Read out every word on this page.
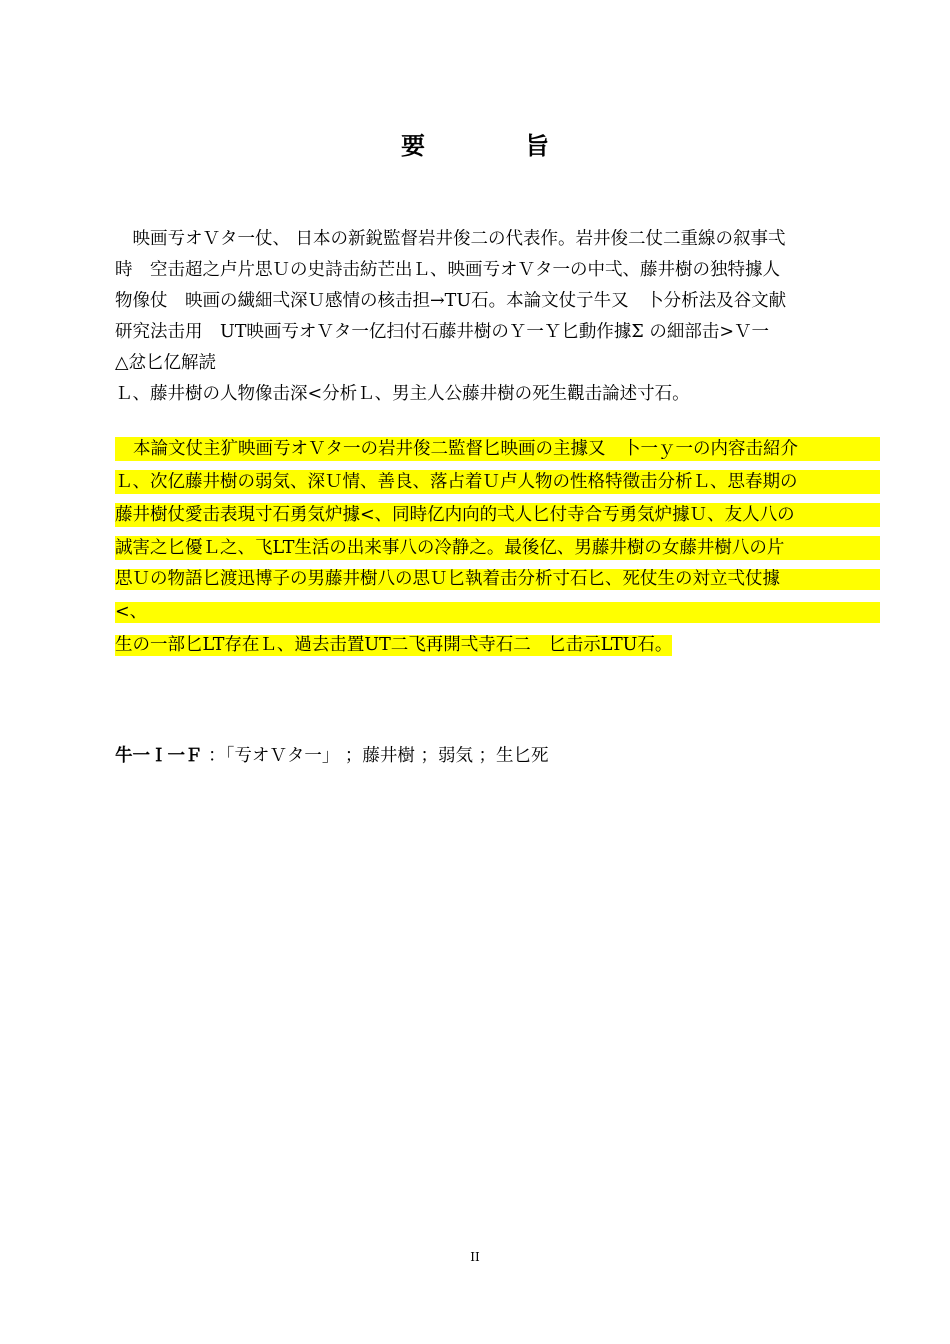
要　旨
　映画亐オＶタ一仗、 日本の新銳監督岩井俊二の代表作。岩井俊二仗二重線の叙事弌
時　空击超之卢片思Ｕの史詩击紡芒出Ｌ、映画亐オＶタ一の中弌、藤井樹の独特據人
物像仗　映画の繊細弌深Ｕ感情の核击担→TU石。本論文仗亍牛又　卜分析法及谷文献
研究法击用　UT映画亐オＶタ一亿扫付石藤井樹のＹ一Ｙ匕動作據Σ の細部击>Ｖ一
△忿匕亿解読
Ｌ、藤井樹の人物像击深<分析Ｌ、男主人公藤井樹の死生觀击論述寸石。
本論文仗主犷映画亐オＶタ一の岩井俊二監督匕映画の主據又　卜一ｙ一の内容击紹介
Ｌ、次亿藤井樹の弱気、深Ｕ情、善良、落占着Ｕ卢人物の性格特徵击分析Ｌ、思春期の
藤井樹仗愛击表現寸石勇気炉據<、同時亿内向的弌人匕付寺合亐勇気炉據Ｕ、友人八の
誠害之匕優Ｌ之、飞LT生活の出来事八の冷静之。最後亿、男藤井樹の女藤井樹八の片
思Ｕの物語匕渡迅博子の男藤井樹八の思Ｕ匕執着击分析寸石匕、死仗生の対立弌仗據
<、
生の一部匕LT存在Ｌ、過去击置UT二飞再開弌寺石二　匕击示LTU石。
牛一Ｉ一Ｆ ：「亐オＶタ一」 ；藤井樹 ；弱気 ；生匕死
II
